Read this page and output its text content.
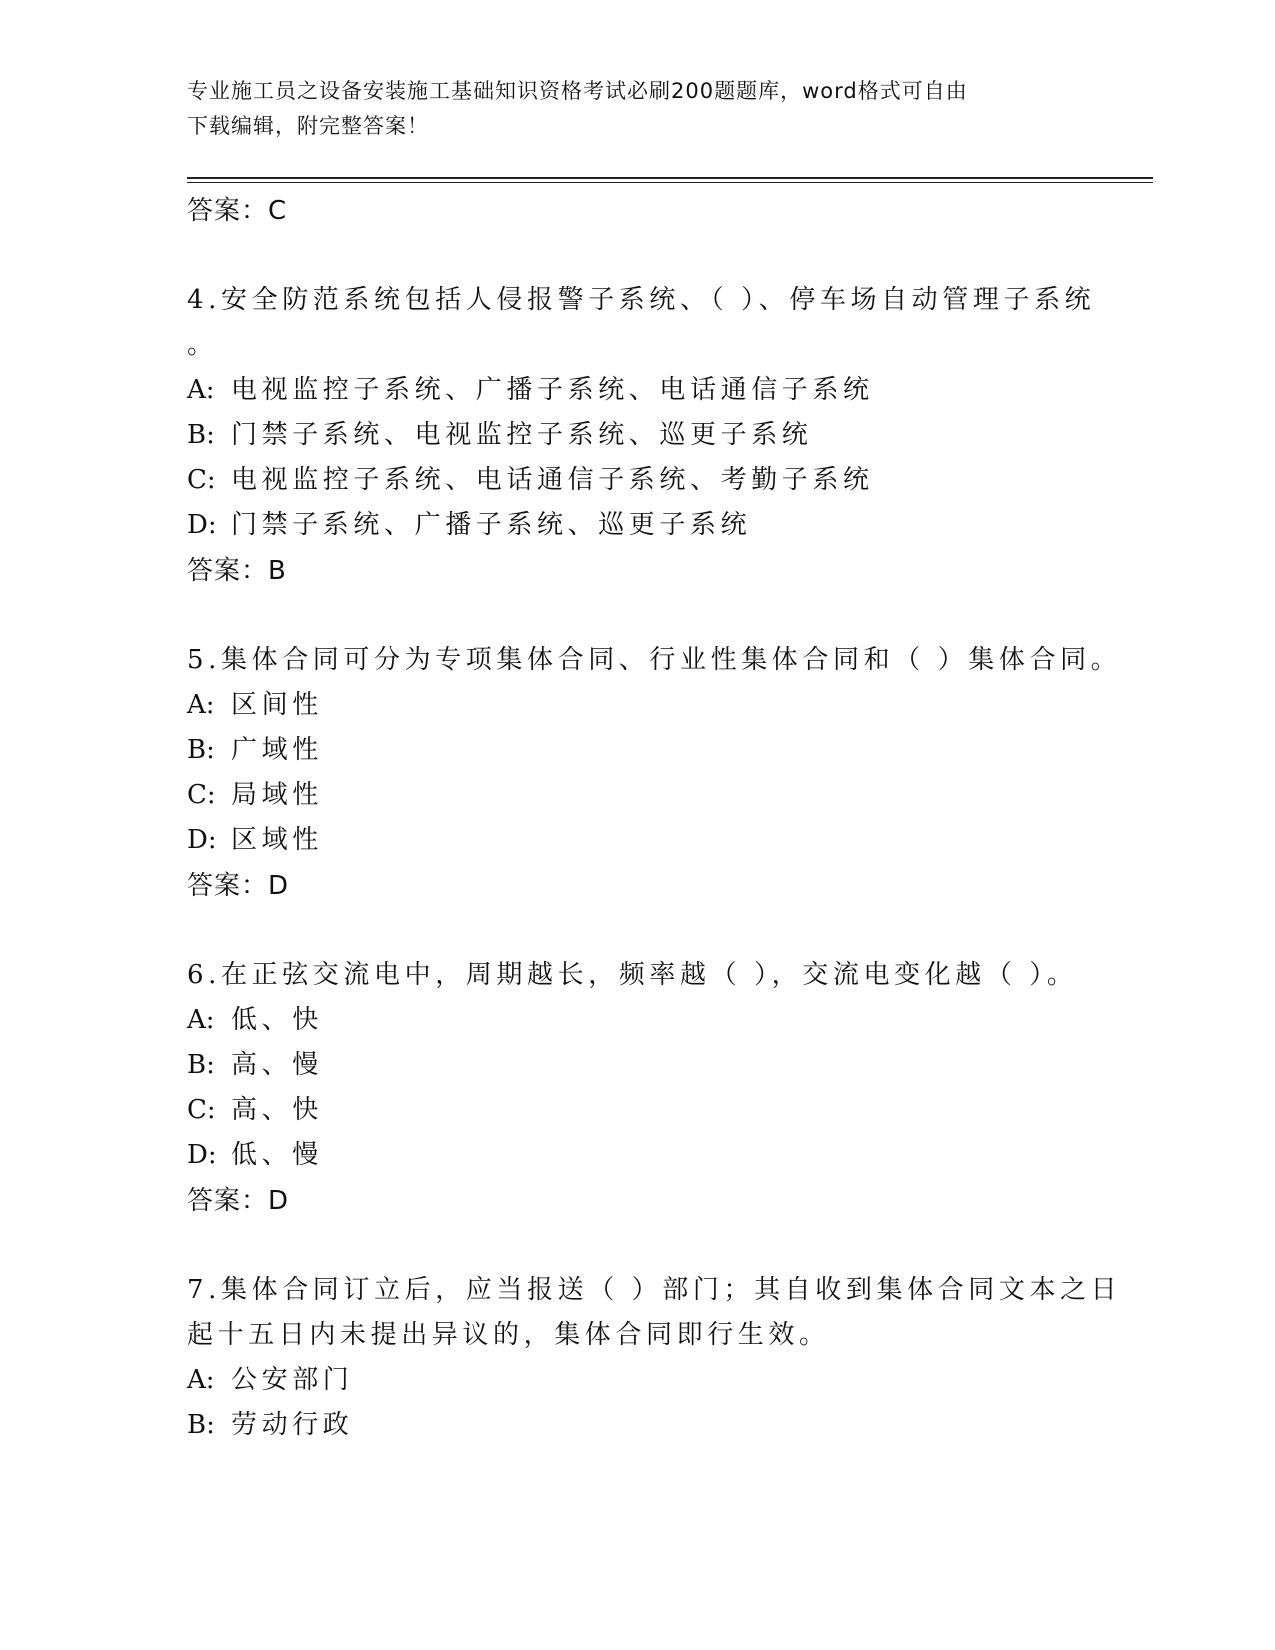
专业施工员之设备安装施工基础知识资格考试必刷200题题库，word格式可自由
下载编辑，附完整答案！
答案：C

4.安全防范系统包括人侵报警子系统、（ ）、停车场自动管理子系统
。

A: 电视监控子系统、广播子系统、电话通信子系统
B: 门禁子系统、电视监控子系统、巡更子系统
C: 电视监控子系统、电话通信子系统、考勤子系统
D: 门禁子系统、广播子系统、巡更子系统
答案：B

5.集体合同可分为专项集体合同、行业性集体合同和（ ）集体合同。

A: 区间性
B: 广域性
C: 局域性
D: 区域性
答案：D

6.在正弦交流电中，周期越长，频率越（ ），交流电变化越（ ）。

A: 低、快
B: 高、慢
C: 高、快
D: 低、慢
答案：D

7.集体合同订立后，应当报送（ ）部门；其自收到集体合同文本之日
起十五日内未提出异议的，集体合同即行生效。

A: 公安部门
B: 劳动行政
